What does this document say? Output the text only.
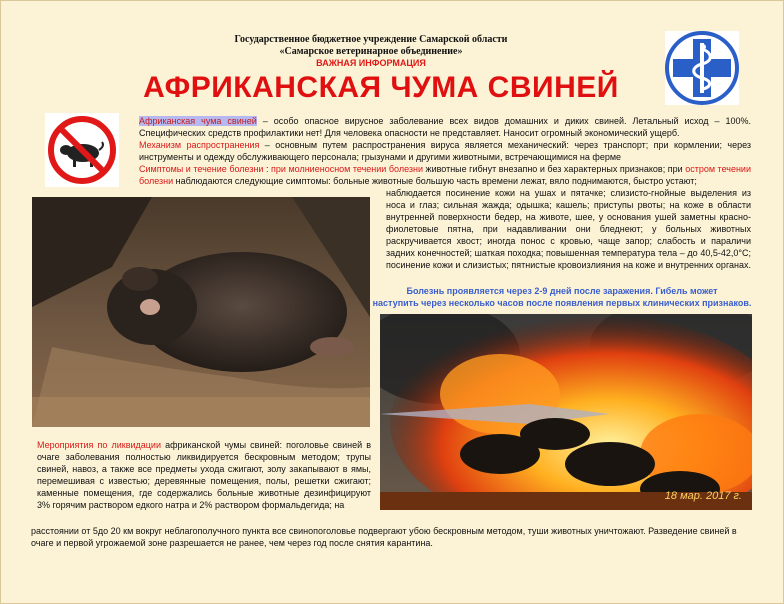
Государственное бюджетное учреждение Самарской области
«Самарское ветеринарное объединение»
ВАЖНАЯ ИНФОРМАЦИЯ
АФРИКАНСКАЯ ЧУМА СВИНЕЙ
Африканская чума свиней – особо опасное вирусное заболевание всех видов домашних и диких свиней. Летальный исход – 100%. Специфических средств профилактики нет! Для человека опасности не представляет. Наносит огромный экономический ущерб.
Механизм распространения – основным путем распространения вируса является механический: через транспорт; при кормлении; через инструменты и одежду обслуживающего персонала; грызунами и другими животными, встречающимися на ферме
Симптомы и течение болезни : при молниеносном течении болезни животные гибнут внезапно и без характерных признаков; при остром течении болезни наблюдаются следующие симптомы: больные животные большую часть времени лежат, вяло поднимаются, быстро устают;
наблюдается посинение кожи на ушах и пятачке; слизисто-гнойные выделения из носа и глаз; сильная жажда; одышка; кашель; приступы рвоты; на коже в области внутренней поверхности бедер, на животе, шее, у основания ушей заметны красно-фиолетовые пятна, при надавливании они бледнеют; у больных животных раскручивается хвост; иногда понос с кровью, чаще запор; слабость и параличи задних конечностей; шаткая походка; повышенная температура тела – до 40,5-42,0°С; посинение кожи и слизистых; пятнистые кровоизлияния на коже и внутренних органах.
Болезнь проявляется через 2-9 дней после заражения. Гибель может
наступить через несколько часов после появления первых клинических признаков.
18 мар. 2017 г.
Мероприятия по ликвидации африканской чумы свиней: поголовье свиней в очаге заболевания полностью ликвидируется бескровным методом; трупы свиней, навоз, а также все предметы ухода сжигают, золу закапывают в ямы, перемешивая с известью; деревянные помещения, полы, решетки сжигают; каменные помещения, где содержались больные животные дезинфицируют 3% горячим раствором едкого натра и 2% раствором формальдегида; на
расстоянии от 5до 20 км вокруг неблагополучного пункта все свинопоголовье подвергают убою бескровным методом, туши животных уничтожают. Разведение свиней в очаге и первой угрожаемой зоне разрешается не ранее, чем через год после снятия карантина.
